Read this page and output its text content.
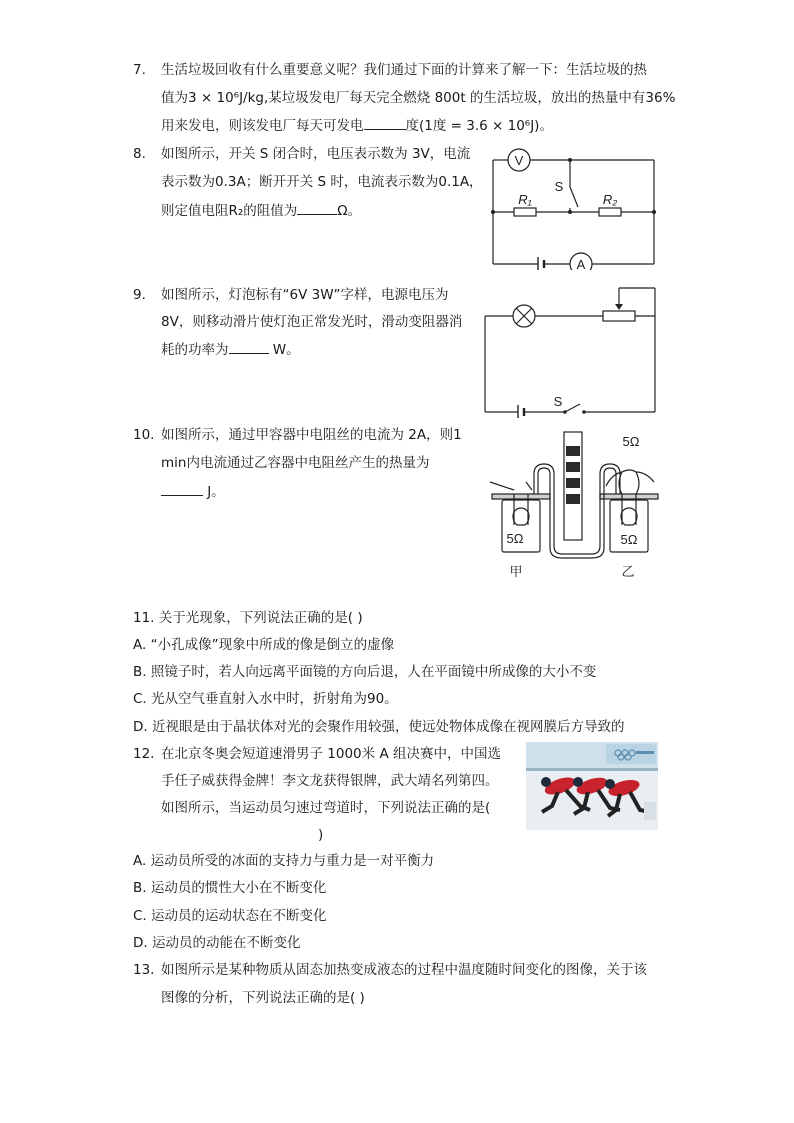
7. 生活垃圾回收有什么重要意义呢？我们通过下面的计算来了解一下：生活垃圾的热
值为3 × 10⁶J/kg,某垃圾发电厂每天完全燃烧 800t 的生活垃圾，放出的热量中有36%
用来发电，则该发电厂每天可发电	度(1度 = 3.6 × 10⁶J)。
8. 如图所示，开关 S 闭合时，电压表示数为 3V，电流
表示数为0.3A；断开开关 S 时，电流表示数为0.1A，
则定值电阻R₂的阻值为	Ω。
V
S
R₁	R₂
A
9. 如图所示，灯泡标有“6V 3W”字样，电源电压为
8V，则移动滑片使灯泡正常发光时，滑动变阻器消
耗的功率为	W。
S
10. 如图所示，通过甲容器中电阻丝的电流为 2A，则1
min内电流通过乙容器中电阻丝产生的热量为
J。
5Ω
5Ω	5Ω
甲	乙
11. 关于光现象，下列说法正确的是( )
A. “小孔成像”现象中所成的像是倒立的虚像
B. 照镜子时，若人向远离平面镜的方向后退，人在平面镜中所成像的大小不变
C. 光从空气垂直射入水中时，折射角为90。
D. 近视眼是由于晶状体对光的会聚作用较强，使远处物体成像在视网膜后方导致的
12. 在北京冬奥会短道速滑男子 1000米 A 组决赛中，中国选
手任子威获得金牌！李文龙获得银牌，武大靖名列第四。
如图所示，当运动员匀速过弯道时，下列说法正确的是(
)
A. 运动员所受的冰面的支持力与重力是一对平衡力
B. 运动员的惯性大小在不断变化
C. 运动员的运动状态在不断变化
D. 运动员的动能在不断变化
13. 如图所示是某种物质从固态加热变成液态的过程中温度随时间变化的图像，关于该
图像的分析，下列说法正确的是( )
